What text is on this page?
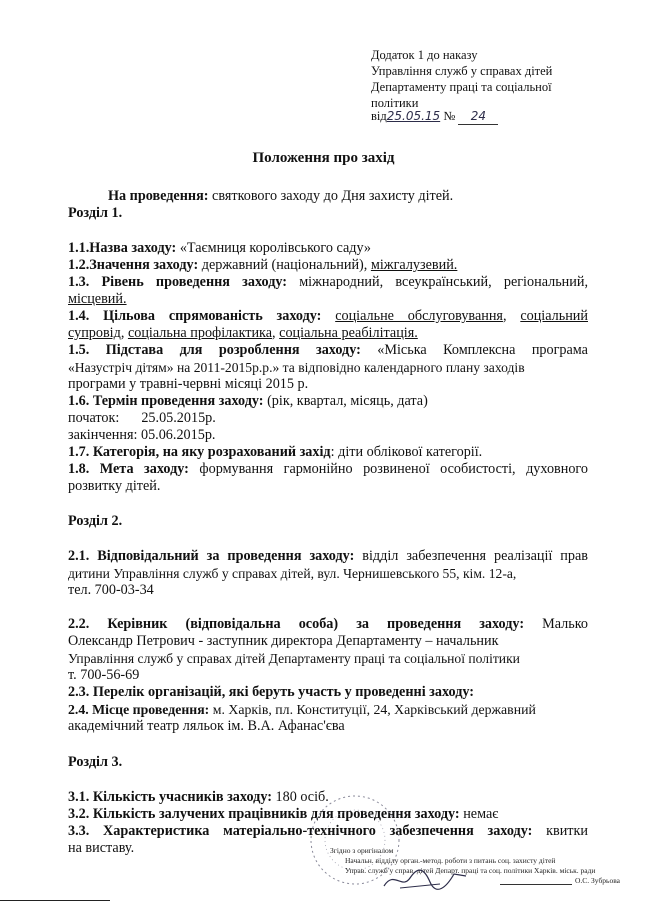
Додаток 1 до наказу
Управління служб у справах дітей
Департаменту праці та соціальної
політики
від25.05.15 № 24
Положення про захід
На проведення: святкового заходу до Дня захисту дітей.
Розділ 1.
1.1.Назва заходу: «Таємниця королівського саду»
1.2.Значення заходу: державний (національний), міжгалузевий.
1.3. Рівень проведення заходу: міжнародний, всеукраїнський, регіональний,
місцевий.
1.4. Цільова спрямованість заходу: соціальне обслуговування, соціальний
супровід, соціальна профілактика, соціальна реабілітація.
1.5. Підстава для розроблення заходу: «Міська Комплексна програма
«Назустріч дітям» на 2011-2015р.р.» та відповідно календарного плану заходів
програми у травні-червні місяці 2015 р.
1.6. Термін проведення заходу: (рік, квартал, місяць, дата)
початок: 25.05.2015р.
закінчення: 05.06.2015р.
1.7. Категорія, на яку розрахований захід: діти облікової категорії.
1.8. Мета заходу: формування гармонійно розвиненої особистості, духовного
розвитку дітей.
Розділ 2.
2.1. Відповідальний за проведення заходу: відділ забезпечення реалізації прав
дитини Управління служб у справах дітей, вул. Чернишевського 55, кім. 12-а,
тел. 700-03-34
2.2. Керівник (відповідальна особа) за проведення заходу: Малько
Олександр Петрович - заступник директора Департаменту – начальник
Управління служб у справах дітей Департаменту праці та соціальної політики
т. 700-56-69
2.3. Перелік організацій, які беруть участь у проведенні заходу:
2.4. Місце проведення: м. Харків, пл. Конституції, 24, Харківський державний
академічний театр ляльок ім. В.А. Афанас'єва
Розділ 3.
3.1. Кількість учасників заходу: 180 осіб.
3.2. Кількість залучених працівників для проведення заходу: немає
3.3. Характеристика матеріально-технічного забезпечення заходу: квитки
на виставу.	Згідно з оригіналом
Начальн. відділу орган.-метод. роботи з питань соц. захисту дітей
Управ. служб у справ. дітей Департ. праці та соц. політики Харків. міськ. ради
О.С. Зубрьова
